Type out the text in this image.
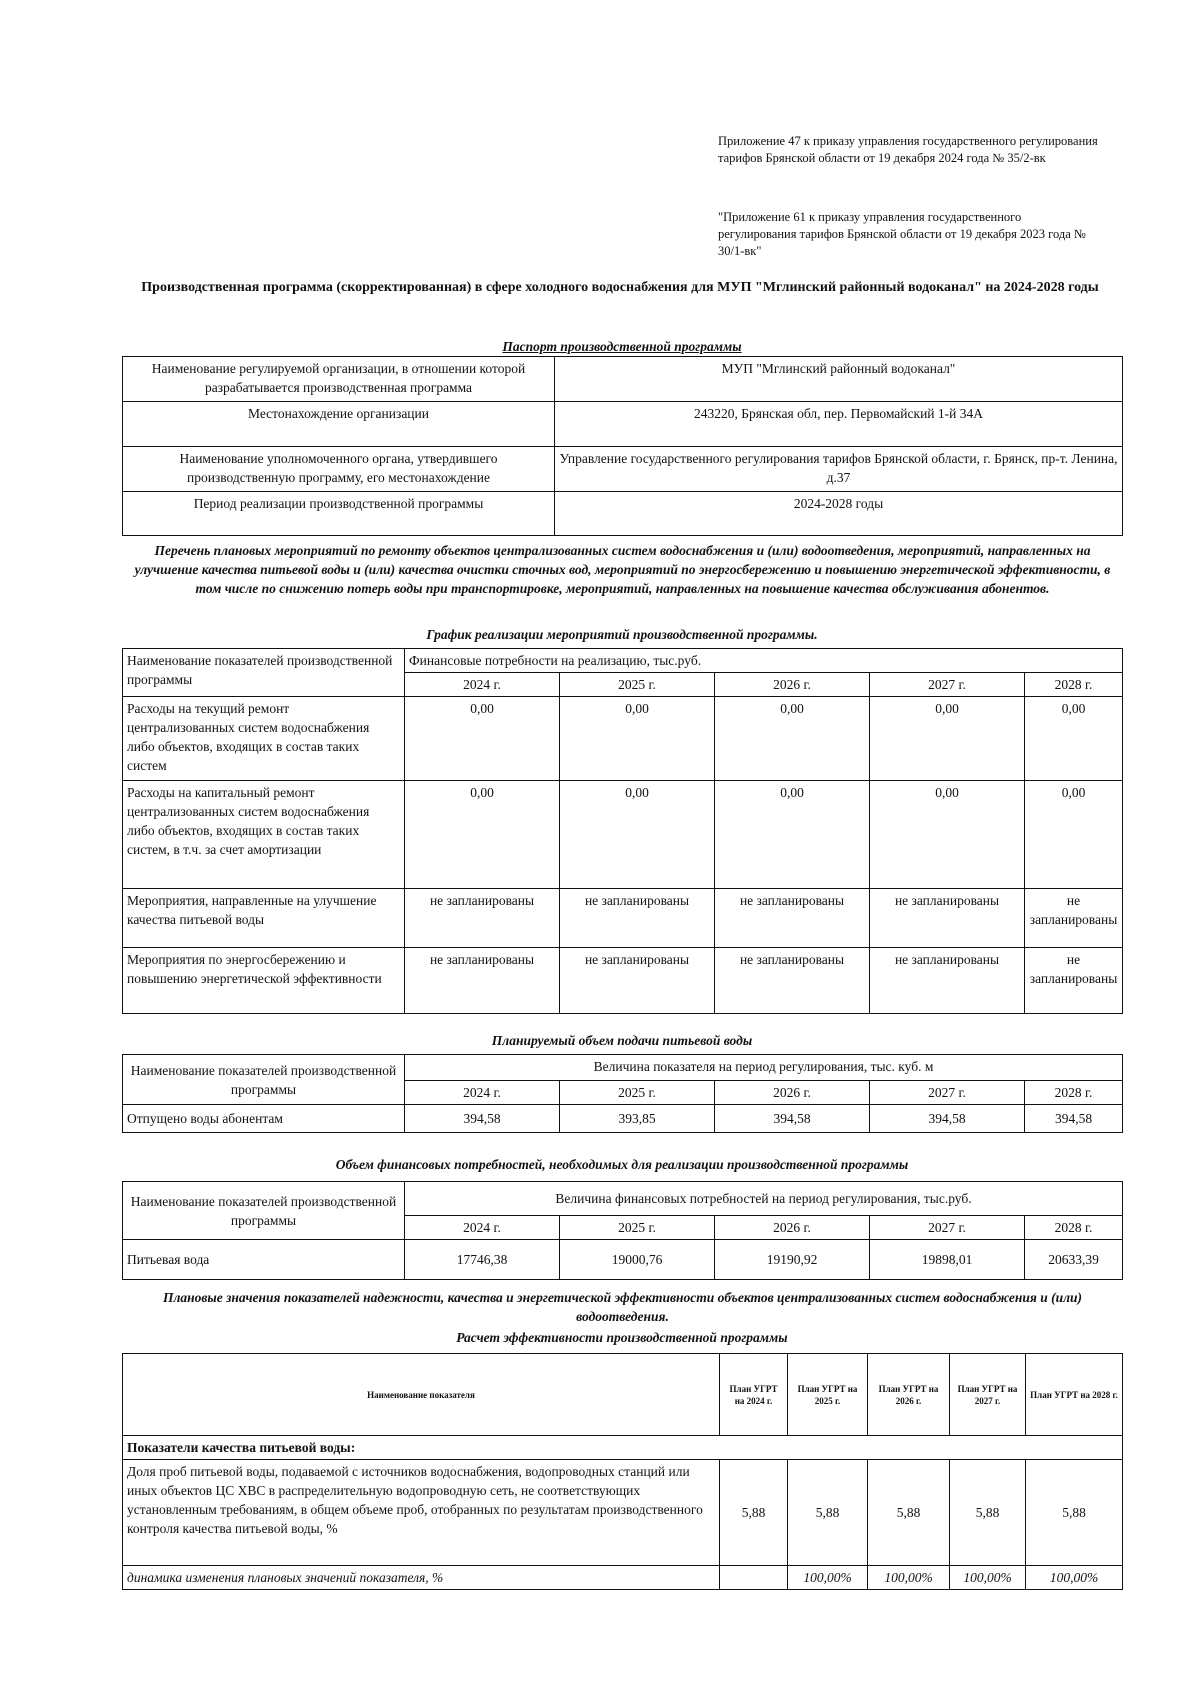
Приложение 47 к приказу управления государственного регулирования тарифов Брянской области от 19 декабря 2024 года № 35/2-вк
"Приложение 61 к приказу управления государственного регулирования тарифов Брянской области от 19 декабря 2023 года № 30/1-вк"
Производственная программа (скорректированная) в сфере холодного водоснабжения для МУП "Мглинский районный водоканал" на 2024-2028 годы
Паспорт производственной программы
Наименование регулируемой организации, в отношении которой разрабатывается производственная программа	МУП "Мглинский районный водоканал"
Местонахождение организации	243220, Брянская обл, пер. Первомайский 1-й 34А
Наименование уполномоченного органа, утвердившего производственную программу, его местонахождение	Управление государственного регулирования тарифов Брянской области, г. Брянск, пр-т. Ленина, д.37
Период реализации производственной программы	2024-2028 годы
Перечень плановых мероприятий по ремонту объектов централизованных систем водоснабжения и (или) водоотведения, мероприятий, направленных на улучшение качества питьевой воды и (или) качества очистки сточных вод, мероприятий по энергосбережению и повышению энергетической эффективности, в том числе по снижению потерь воды при транспортировке, мероприятий, направленных на повышение качества обслуживания абонентов.
График реализации мероприятий производственной программы.
Наименование показателей производственной программы	Финансовые потребности на реализацию, тыс.руб.				
	2024 г.	2025 г.	2026 г.	2027 г.	2028 г.
Расходы на текущий ремонт централизованных систем водоснабжения либо объектов, входящих в состав таких систем	0,00	0,00	0,00	0,00	0,00
Расходы на капитальный ремонт централизованных систем водоснабжения либо объектов, входящих в состав таких систем, в т.ч. за счет амортизации	0,00	0,00	0,00	0,00	0,00
Мероприятия, направленные на улучшение качества питьевой воды	не запланированы	не запланированы	не запланированы	не запланированы	не запланированы
Мероприятия по энергосбережению и повышению энергетической эффективности	не запланированы	не запланированы	не запланированы	не запланированы	не запланированы
Планируемый объем подачи питьевой воды
Наименование показателей производственной программы	Величина показателя на период регулирования, тыс. куб. м				
	2024 г.	2025 г.	2026 г.	2027 г.	2028 г.
Отпущено воды абонентам	394,58	393,85	394,58	394,58	394,58
Объем финансовых потребностей, необходимых для реализации производственной программы
Наименование показателей производственной программы	Величина финансовых потребностей на период регулирования, тыс.руб.				
	2024 г.	2025 г.	2026 г.	2027 г.	2028 г.
Питьевая вода	17746,38	19000,76	19190,92	19898,01	20633,39
Плановые значения показателей надежности, качества и энергетической эффективности объектов централизованных систем водоснабжения и (или) водоотведения.
Расчет эффективности производственной программы
Наименование показателя	План УГРТ на 2024 г.	План УГРТ на 2025 г.	План УГРТ на 2026 г.	План УГРТ на 2027 г.	План УГРТ на 2028 г.
Показатели качества питьевой воды:					
Доля проб питьевой воды, подаваемой с источников водоснабжения, водопроводных станций или иных объектов ЦС ХВС в распределительную водопроводную сеть, не соответствующих установленным требованиям, в общем объеме проб, отобранных по результатам производственного контроля качества питьевой воды, %	5,88	5,88	5,88	5,88	5,88
динамика изменения плановых значений показателя, %		100,00%	100,00%	100,00%	100,00%
